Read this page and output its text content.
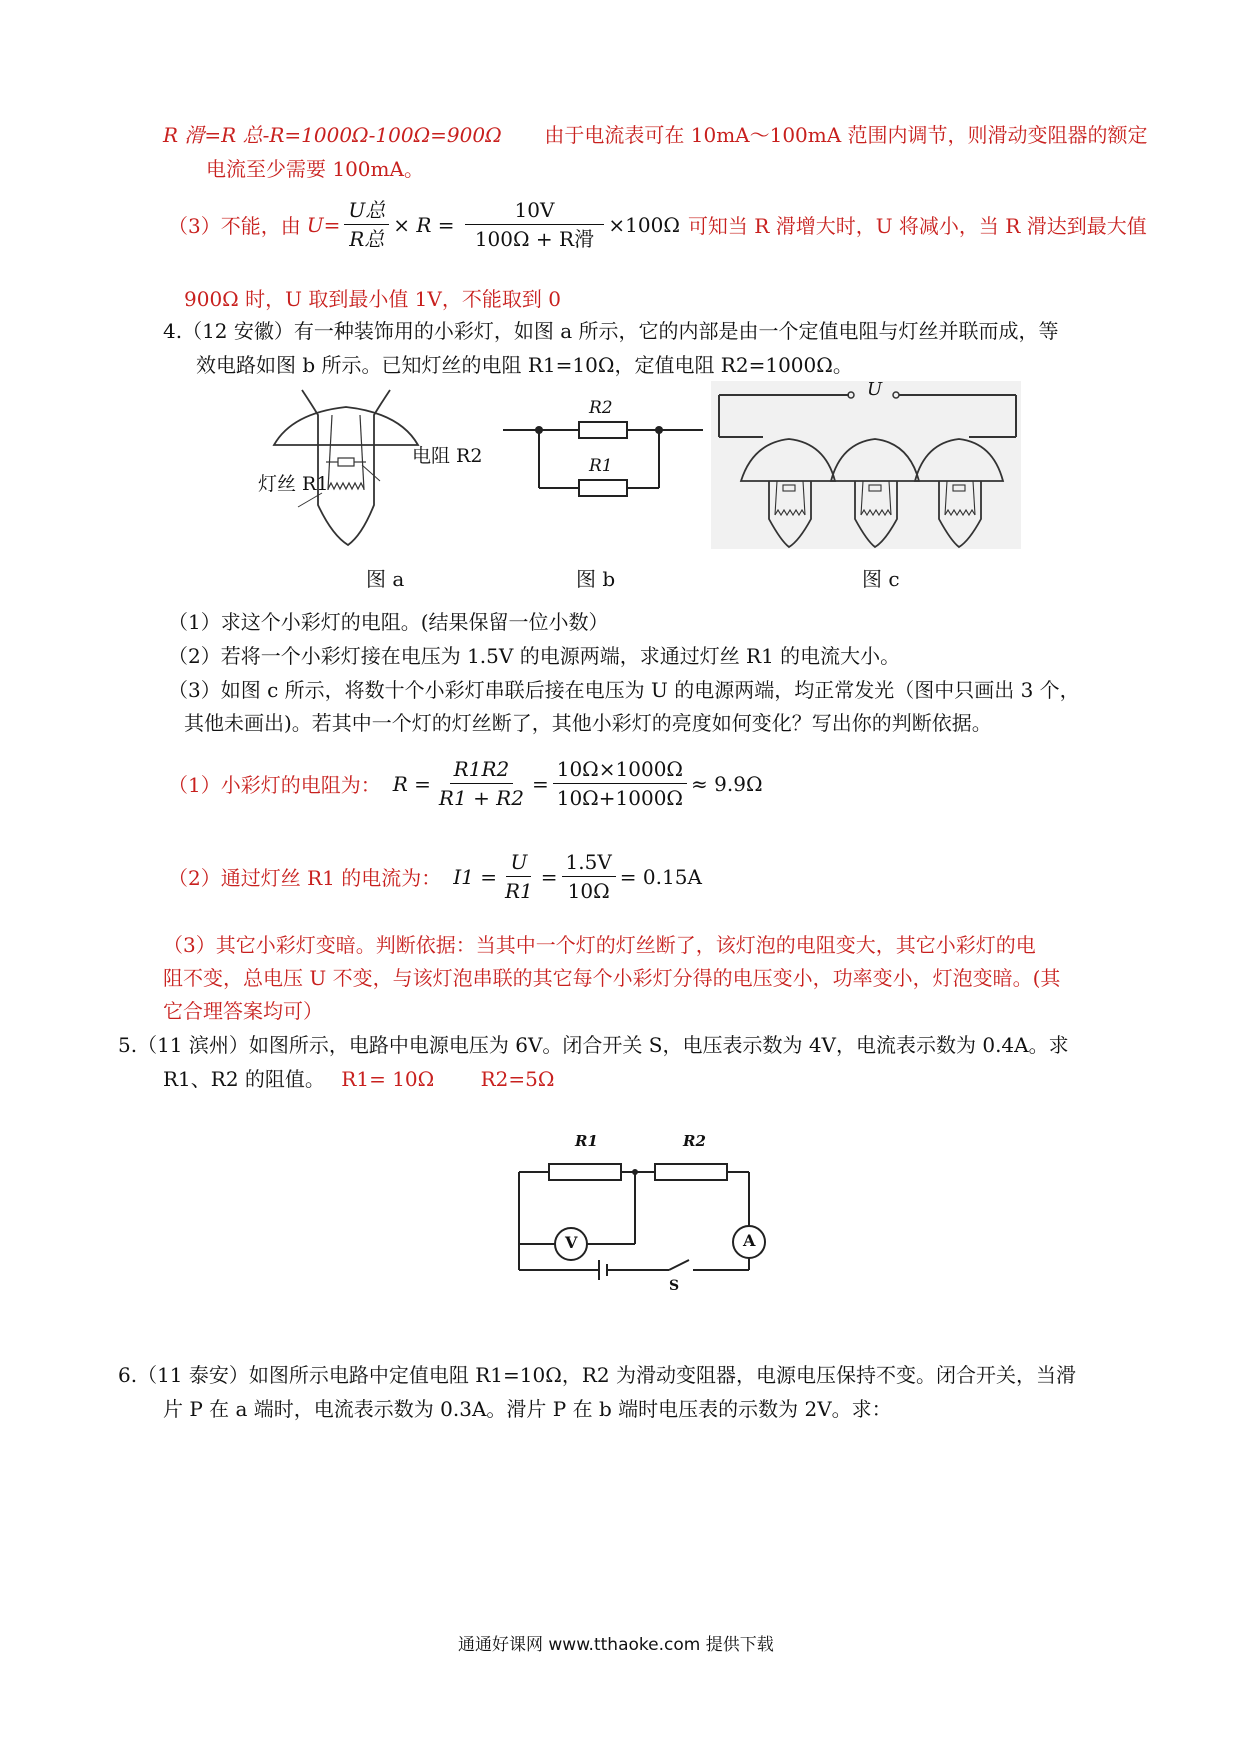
R 滑=R 总-R=1000Ω-100Ω=900Ω 由于电流表可在 10mA～100mA 范围内调节，则滑动变阻器的额定
电流至少需要 100mA。
（3）不能，由 $U= \frac{\text{U总}}{\text{R总}} \times R = \frac{10V}{\text{100Ω + R滑}} \times 100\Omega$ 可知当 R 滑增大时，U 将减小，当 R 滑达到最大值
900Ω 时，U 取到最小值 1V，不能取到 0
4.（12 安徽）有一种装饰用的小彩灯，如图 a 所示，它的内部是由一个定值电阻与灯丝并联而成，等
效电路如图 b 所示。已知灯丝的电阻 R1=10Ω，定值电阻 R2=1000Ω。
电阻 R2
灯丝 R1
图 a
R2
R1
图 b
U
图 c
（1）求这个小彩灯的电阻。(结果保留一位小数）
（2）若将一个小彩灯接在电压为 1.5V 的电源两端，求通过灯丝 R1 的电流大小。
（3）如图 c 所示，将数十个小彩灯串联后接在电压为 U 的电源两端，均正常发光（图中只画出 3 个，
其他未画出)。若其中一个灯的灯丝断了，其他小彩灯的亮度如何变化？写出你的判断依据。
（1）小彩灯的电阻为： $R = \frac{R1R2}{R1 + R2} = \frac{10\Omega\times 1000\Omega}{10\Omega+1000\Omega} \approx 9.9\Omega$
（2）通过灯丝 R1 的电流为： $I1 = \frac{U}{R1} = \frac{1.5V}{10\Omega} = 0.15A$
（3）其它小彩灯变暗。判断依据：当其中一个灯的灯丝断了，该灯泡的电阻变大，其它小彩灯的电
阻不变，总电压 U 不变，与该灯泡串联的其它每个小彩灯分得的电压变小，功率变小，灯泡变暗。(其
它合理答案均可）
5.（11 滨州）如图所示，电路中电源电压为 6V。闭合开关 S，电压表示数为 4V，电流表示数为 0.4A。求
R1、R2 的阻值。 R1= 10Ω R2=5Ω
R1	R2
V	A
S
6.（11 泰安）如图所示电路中定值电阻 R1=10Ω，R2 为滑动变阻器，电源电压保持不变。闭合开关，当滑
片 P 在 a 端时，电流表示数为 0.3A。滑片 P 在 b 端时电压表的示数为 2V。求：
通通好课网 www.tthaoke.com 提供下载
